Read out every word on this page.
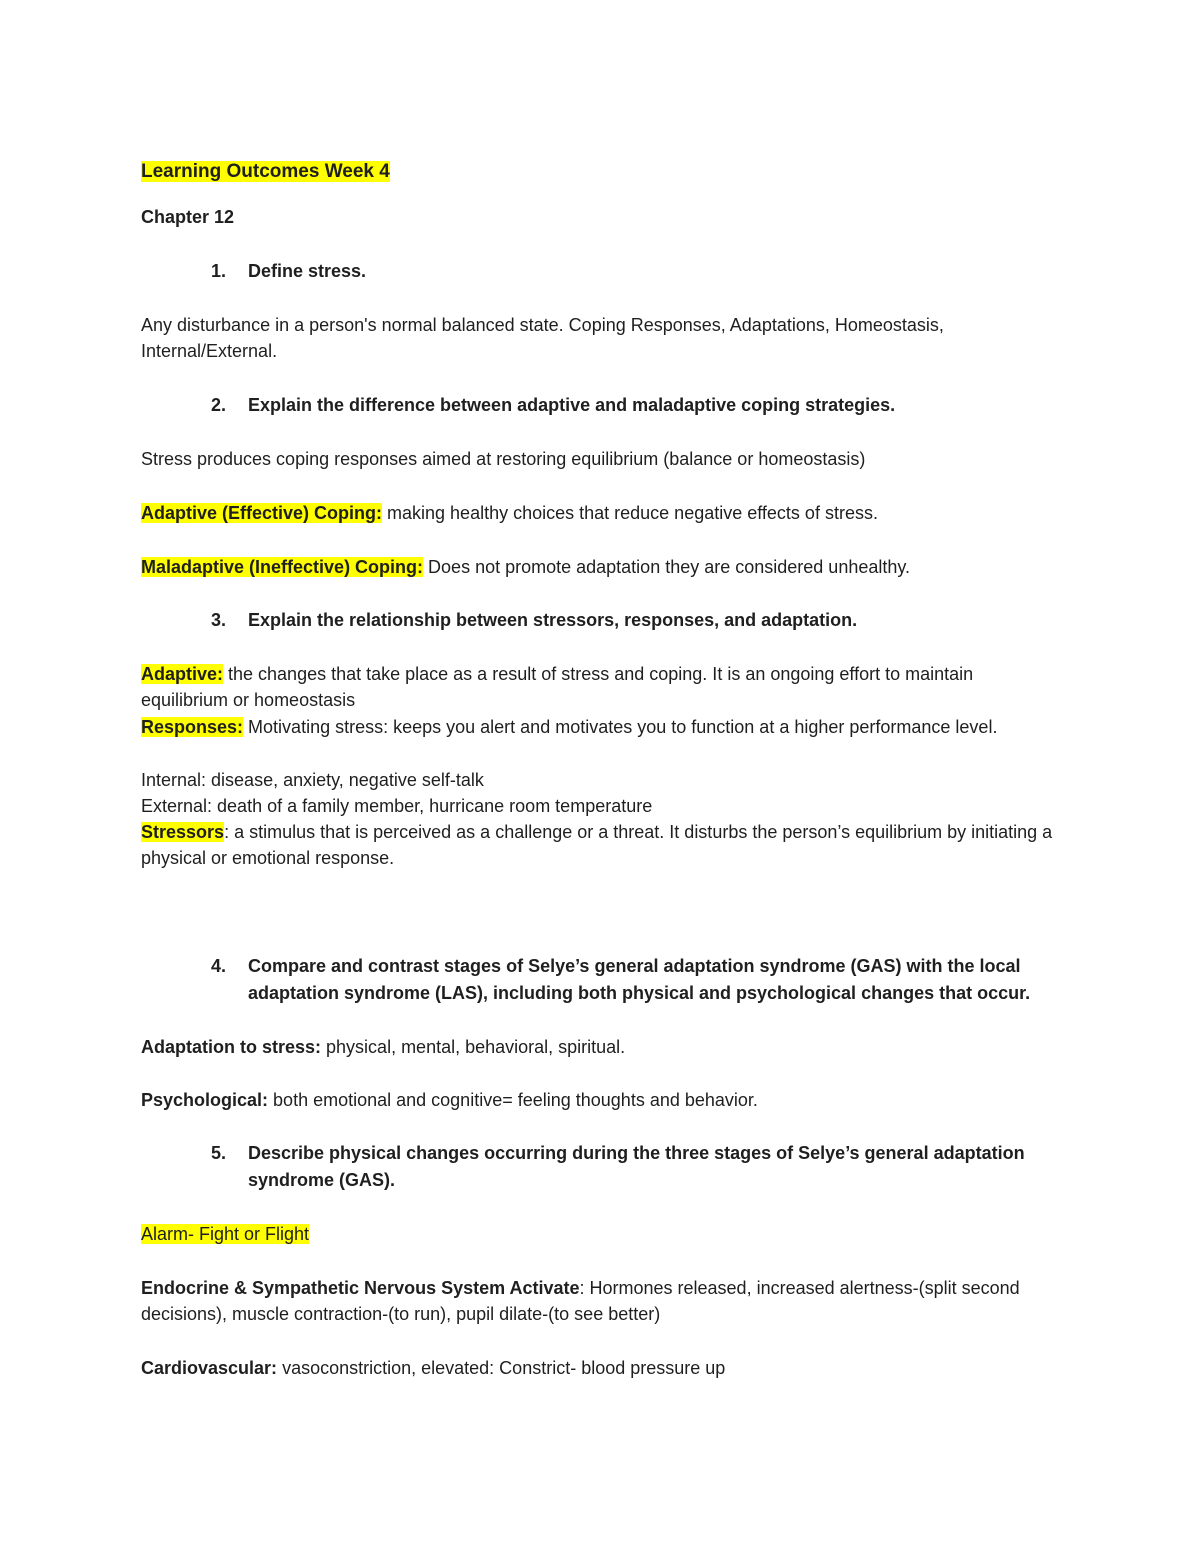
Learning Outcomes Week 4
Chapter 12
1.	Define stress.
Any disturbance in a person's normal balanced state. Coping Responses, Adaptations, Homeostasis, Internal/External.
2.	Explain the difference between adaptive and maladaptive coping strategies.
Stress produces coping responses aimed at restoring equilibrium (balance or homeostasis)
Adaptive (Effective) Coping: making healthy choices that reduce negative effects of stress.
Maladaptive (Ineffective) Coping: Does not promote adaptation they are considered unhealthy.
3.	Explain the relationship between stressors, responses, and adaptation.
Adaptive: the changes that take place as a result of stress and coping. It is an ongoing effort to maintain equilibrium or homeostasis
Responses: Motivating stress: keeps you alert and motivates you to function at a higher performance level.
Internal: disease, anxiety, negative self-talk
External: death of a family member, hurricane room temperature
Stressors: a stimulus that is perceived as a challenge or a threat. It disturbs the person’s equilibrium by initiating a physical or emotional response.
4.	Compare and contrast stages of Selye’s general adaptation syndrome (GAS) with the local adaptation syndrome (LAS), including both physical and psychological changes that occur.
Adaptation to stress: physical, mental, behavioral, spiritual.
Psychological: both emotional and cognitive= feeling thoughts and behavior.
5.	Describe physical changes occurring during the three stages of Selye’s general adaptation syndrome (GAS).
Alarm- Fight or Flight
Endocrine & Sympathetic Nervous System Activate: Hormones released, increased alertness-(split second decisions), muscle contraction-(to run), pupil dilate-(to see better)
Cardiovascular: vasoconstriction, elevated: Constrict- blood pressure up
